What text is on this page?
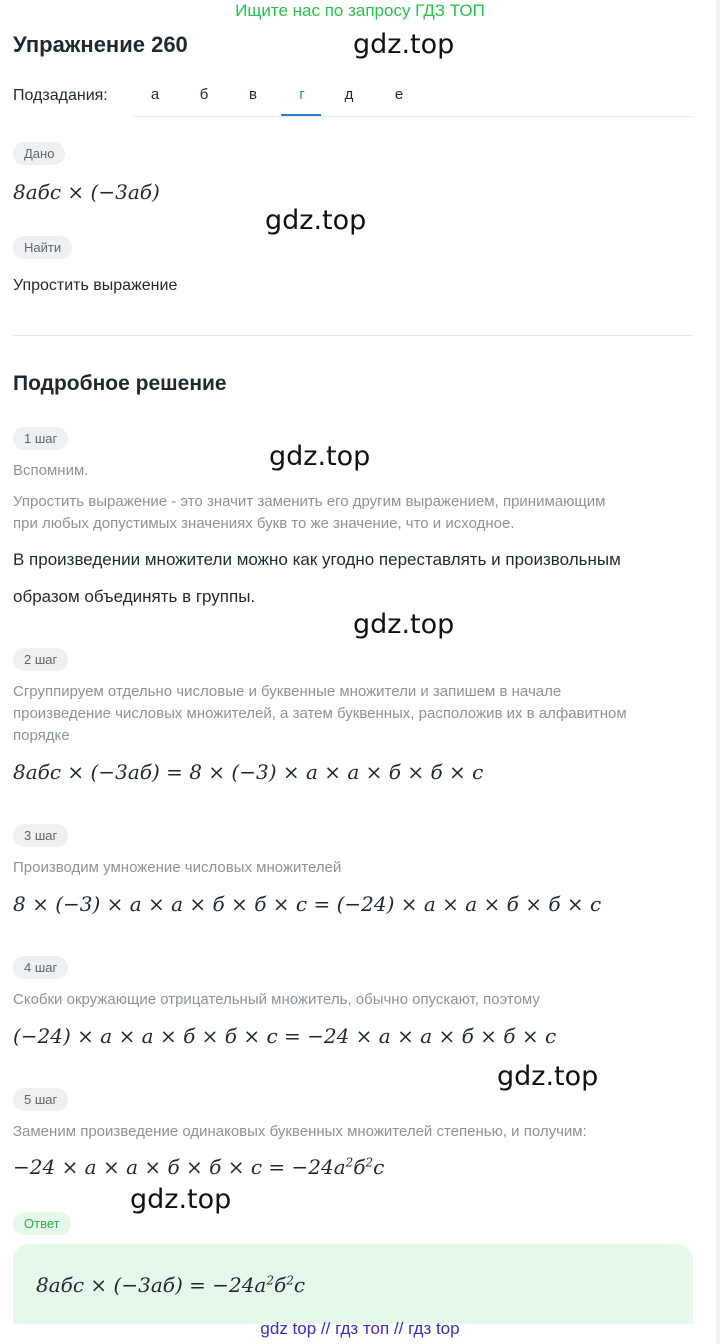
Ищите нас по запросу ГДЗ ТОП
Упражнение 260	gdz.top
Подзадания:	а	б	в	г	д	е
Дано
8абс × (−3аб)
gdz.top
Найти
Упростить выражение
Подробное решение
1 шаг
gdz.top
Вспомним.
Упростить выражение - это значит заменить его другим выражением, принимающим
при любых допустимых значениях букв то же значение, что и исходное.
В произведении множители можно как угодно переставлять и произвольным
образом объединять в группы.
gdz.top
2 шаг
Сгруппируем отдельно числовые и буквенные множители и запишем в начале
произведение числовых множителей, а затем буквенных, расположив их в алфавитном
порядке
8абс × (−3аб) = 8 × (−3) × а × а × б × б × с
3 шаг
Производим умножение числовых множителей
8 × (−3) × а × а × б × б × с = (−24) × а × а × б × б × с
4 шаг
Скобки окружающие отрицательный множитель, обычно опускают, поэтому
(−24) × а × а × б × б × с = −24 × а × а × б × б × с
gdz.top
5 шаг
Заменим произведение одинаковых буквенных множителей степенью, и получим:
$-24 \times а \times а \times б \times б \times с = -24а^2б^2с$
gdz.top
Ответ
$8абс \times (-3аб) = -24а^2б^2с$
gdz top // гдз топ // гдз top
